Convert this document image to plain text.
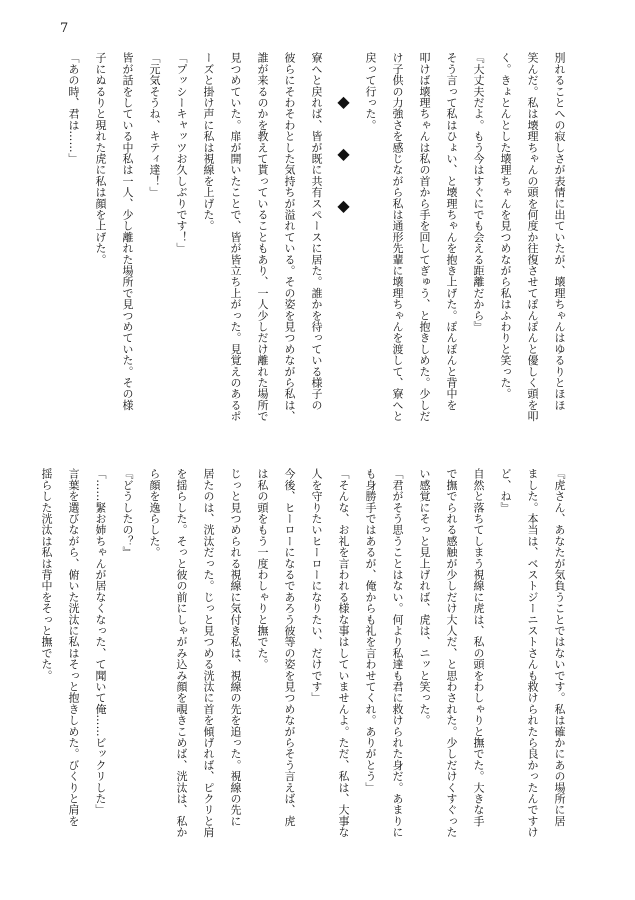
7
別れることへの寂しさが表情に出ていたが、壊理ちゃんはゆるりとほほ
笑んだ。私は壊理ちゃんの頭を何度か往復させてぽんぽんと優しく頭を叩
く。きょとんとした壊理ちゃんを見つめながら私はふわりと笑った。
『大丈夫だよ。もう今はすぐにでも会える距離だから』
そう言って私はひょい、と壊理ちゃんを抱き上げた。ぽんぽんと背中を
叩けば壊理ちゃんは私の首から手を回してぎゅう、と抱きしめた。少しだ
け子供の力強さを感じながら私は通形先輩に壊理ちゃんを渡して、寮へと
戻って行った。
◆ ◆ ◆
寮へと戻れば、皆が既に共有スペースに居た。誰かを待っている様子の
彼らにそわそわとした気持ちが溢れている。その姿を見つめながら私は、
誰が来るのかを教えて貰っていることもあり、一人少しだけ離れた場所で
見つめていた。扉が開いたことで、皆が皆立ち上がった。見覚えのあるポ
ーズと掛け声に私は視線を上げた。
「プッシーキャッツお久しぶりです！」
「元気そうね、キティ達！」
皆が話をしている中私は一人、少し離れた場所で見つめていた。その様
子にぬるりと現れた虎に私は顔を上げた。
「あの時、君は……」
『虎さん、あなたが気負うことではないです。私は確かにあの場所に居
ました。本当は、ベストジーニストさんも救けられたら良かったんですけ
ど、ね』
自然と落ちてしまう視線に虎は、私の頭をわしゃりと撫でた。大きな手
で撫でられる感触が少しだけ大人だ、と思わされた。少しだけくすぐった
い感覚にそっと見上げれば、虎は、ニッと笑った。
「君がそう思うことはない。何より私達も君に救けられた身だ。あまりに
も身勝手ではあるが、俺からも礼を言わせてくれ。ありがとう」
「そんな、お礼を言われる様な事はしていませんよ。ただ、私は、大事な
人を守りたいヒーローになりたい、だけです」
今後、ヒーローになるであろう彼等の姿を見つめながらそう言えば、虎
は私の頭をもう一度わしゃりと撫でた。
じっと見つめられる視線に気付き私は、視線の先を追った。視線の先に
居たのは、洸汰だった。じっと見つめる洸汰に首を傾げれば、ピクリと肩
を揺らした。そっと彼の前にしゃがみ込み顔を覗きこめば、洸汰は、私か
ら顔を逸らした。
『どうしたの？』
「……緊お姉ちゃんが居なくなった、て聞いて俺……ビックリした」
言葉を選びながら、俯いた洸汰に私はそっと抱きしめた。びくりと肩を
揺らした洸汰は私は背中をそっと撫でた。
